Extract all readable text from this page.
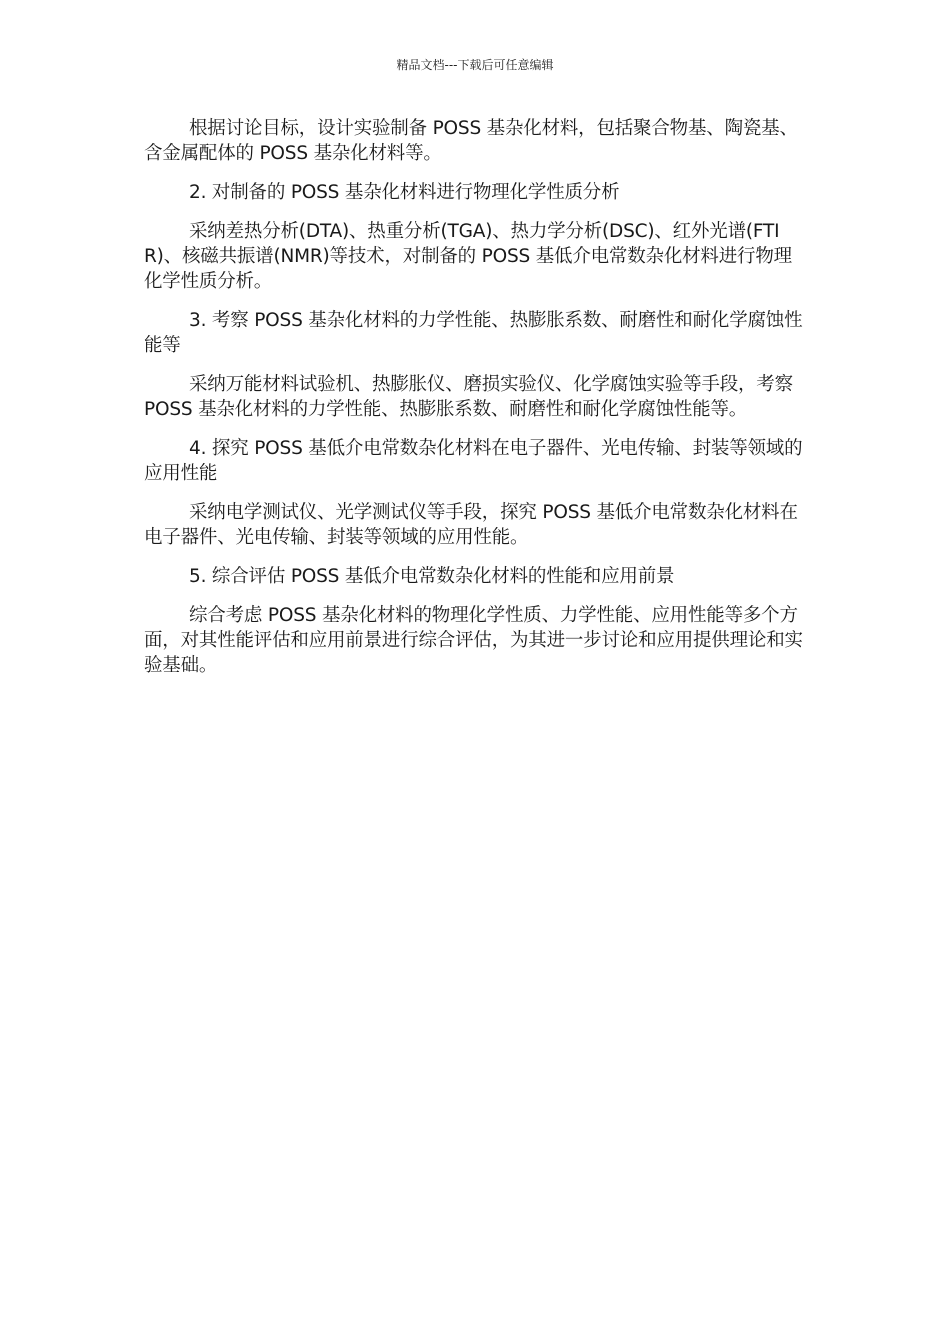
精品文档---下载后可任意编辑

根据讨论目标，设计实验制备 POSS 基杂化材料，包括聚合物基、陶瓷基、含金属配体的 POSS 基杂化材料等。

2. 对制备的 POSS 基杂化材料进行物理化学性质分析

采纳差热分析(DTA)、热重分析(TGA)、热力学分析(DSC)、红外光谱(FTIR)、核磁共振谱(NMR)等技术，对制备的 POSS 基低介电常数杂化材料进行物理化学性质分析。

3. 考察 POSS 基杂化材料的力学性能、热膨胀系数、耐磨性和耐化学腐蚀性能等

采纳万能材料试验机、热膨胀仪、磨损实验仪、化学腐蚀实验等手段，考察 POSS 基杂化材料的力学性能、热膨胀系数、耐磨性和耐化学腐蚀性能等。

4. 探究 POSS 基低介电常数杂化材料在电子器件、光电传输、封装等领域的应用性能

采纳电学测试仪、光学测试仪等手段，探究 POSS 基低介电常数杂化材料在电子器件、光电传输、封装等领域的应用性能。

5. 综合评估 POSS 基低介电常数杂化材料的性能和应用前景

综合考虑 POSS 基杂化材料的物理化学性质、力学性能、应用性能等多个方面，对其性能评估和应用前景进行综合评估，为其进一步讨论和应用提供理论和实验基础。
